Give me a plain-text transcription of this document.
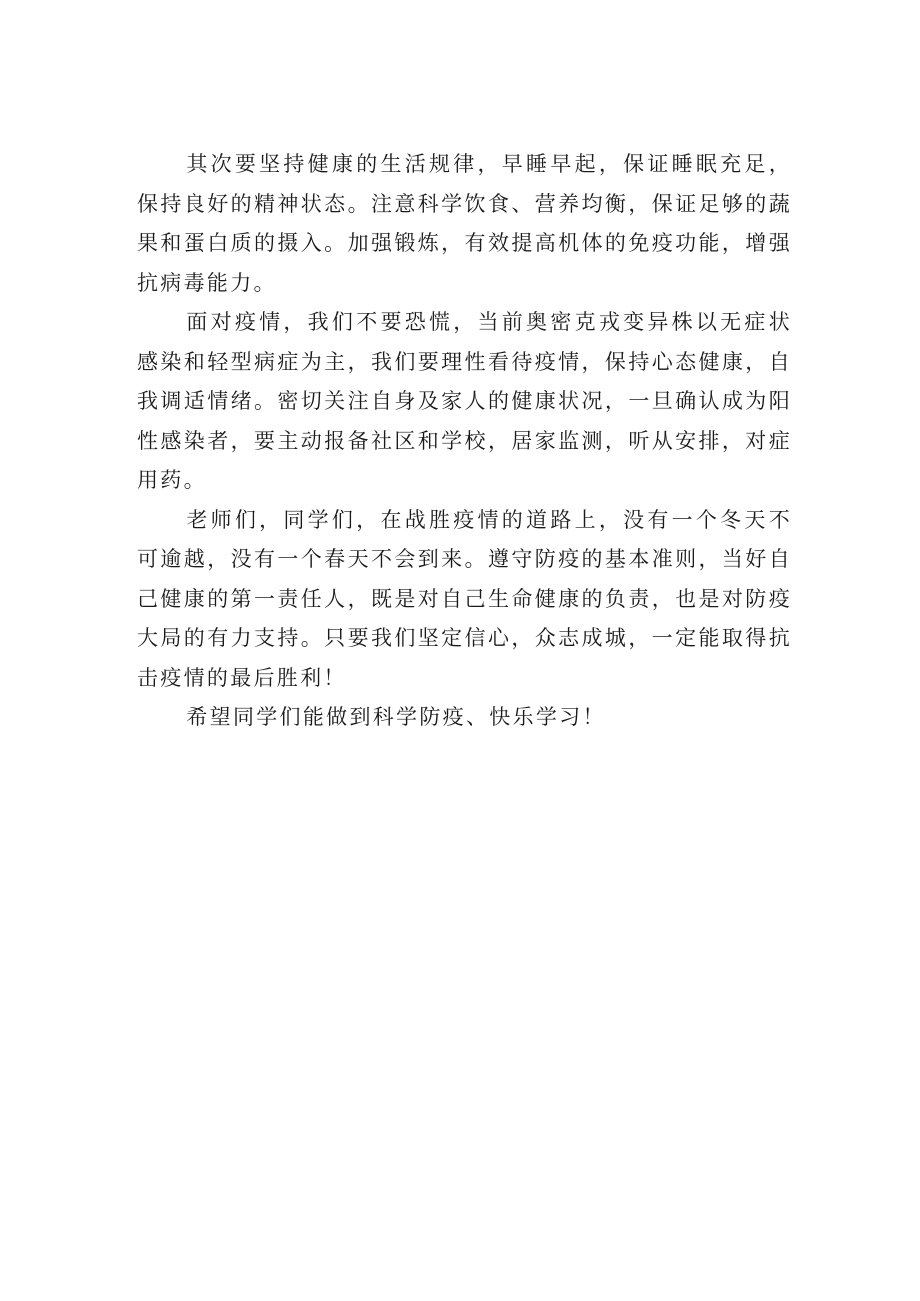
其次要坚持健康的生活规律，早睡早起，保证睡眠充足，保持良好的精神状态。注意科学饮食、营养均衡，保证足够的蔬果和蛋白质的摄入。加强锻炼，有效提高机体的免疫功能，增强抗病毒能力。

面对疫情，我们不要恐慌，当前奥密克戎变异株以无症状感染和轻型病症为主，我们要理性看待疫情，保持心态健康，自我调适情绪。密切关注自身及家人的健康状况，一旦确认成为阳性感染者，要主动报备社区和学校，居家监测，听从安排，对症用药。

老师们，同学们，在战胜疫情的道路上，没有一个冬天不可逾越，没有一个春天不会到来。遵守防疫的基本准则，当好自己健康的第一责任人，既是对自己生命健康的负责，也是对防疫大局的有力支持。只要我们坚定信心，众志成城，一定能取得抗击疫情的最后胜利！

希望同学们能做到科学防疫、快乐学习！
